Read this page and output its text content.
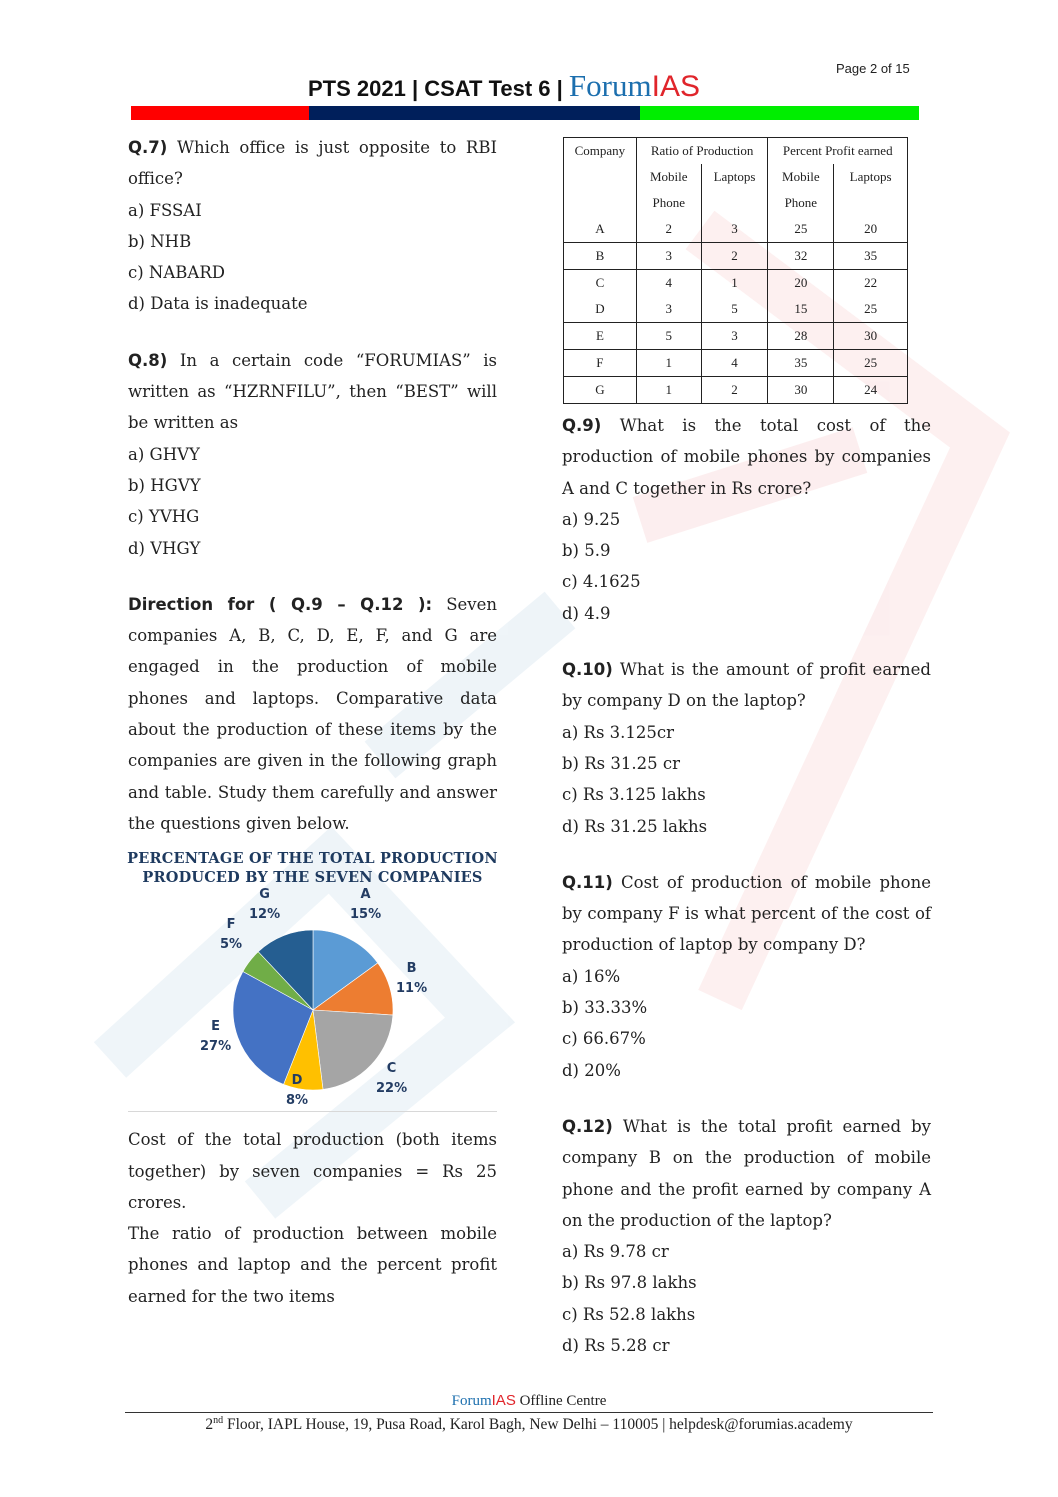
Page 2 of 15
PTS 2021 | CSAT Test 6 | ForumIAS
Q.7) Which office is just opposite to RBI office?
a) FSSAI
b) NHB
c) NABARD
d) Data is inadequate
Q.8) In a certain code “FORUMIAS” is written as “HZRNFILU”, then “BEST” will be written as
a) GHVY
b) HGVY
c) YVHG
d) VHGY
Direction for ( Q.9 – Q.12 ): Seven companies A, B, C, D, E, F, and G are engaged in the production of mobile phones and laptops. Comparative data about the production of these items by the companies are given in the following graph and table. Study them carefully and answer the questions given below.
PERCENTAGE OF THE TOTAL PRODUCTION
PRODUCED BY THE SEVEN COMPANIES
A
15%
B
11%
C
22%
D
8%
E
27%
F
5%
G
12%
Cost of the total production (both items together) by seven companies = Rs 25 crores.
The ratio of production between mobile phones and laptop and the percent profit earned for the two items
Company	Ratio of Production		Percent Profit earned	
	Mobile	Laptops	Mobile	Laptops
	Phone		Phone	
A	2	3	25	20
B	3	2	32	35
C	4	1	20	22
D	3	5	15	25
E	5	3	28	30
F	1	4	35	25
G	1	2	30	24
Q.9) What is the total cost of the production of mobile phones by companies A and C together in Rs crore?
a) 9.25
b) 5.9
c) 4.1625
d) 4.9
Q.10) What is the amount of profit earned by company D on the laptop?
a) Rs 3.125cr
b) Rs 31.25 cr
c) Rs 3.125 lakhs
d) Rs 31.25 lakhs
Q.11) Cost of production of mobile phone by company F is what percent of the cost of production of laptop by company D?
a) 16%
b) 33.33%
c) 66.67%
d) 20%
Q.12) What is the total profit earned by company B on the production of mobile phone and the profit earned by company A on the production of the laptop?
a) Rs 9.78 cr
b) Rs 97.8 lakhs
c) Rs 52.8 lakhs
d) Rs 5.28 cr
ForumIAS Offline Centre
2nd Floor, IAPL House, 19, Pusa Road, Karol Bagh, New Delhi – 110005 | helpdesk@forumias.academy
